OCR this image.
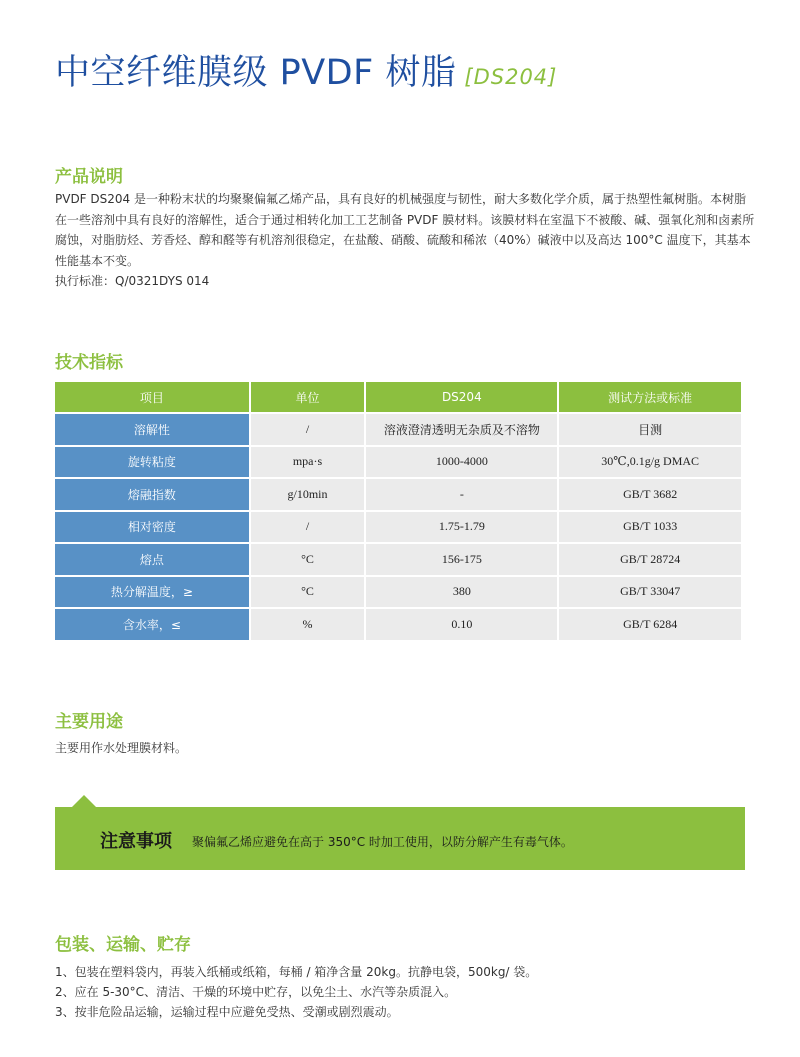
中空纤维膜级 PVDF 树脂 [DS204]
产品说明

PVDF DS204 是一种粉末状的均聚聚偏氟乙烯产品，具有良好的机械强度与韧性，耐大多数化学介质，属于热塑性氟树脂。本树脂在一些溶剂中具有良好的溶解性，适合于通过相转化加工工艺制备 PVDF 膜材料。该膜材料在室温下不被酸、碱、强氧化剂和卤素所腐蚀，对脂肪烃、芳香烃、醇和醛等有机溶剂很稳定，在盐酸、硝酸、硫酸和稀浓（40%）碱液中以及高达 100°C 温度下，其基本性能基本不变。

执行标准：Q/0321DYS 014
技术指标
项目	单位	DS204	测试方法或标准
溶解性	/	溶液澄清透明无杂质及不溶物	目测
旋转粘度	mpa·s	1000-4000	30℃,0.1g/g DMAC
熔融指数	g/10min	-	GB/T 3682
相对密度	/	1.75-1.79	GB/T 1033
熔点	°C	156-175	GB/T 28724
热分解温度，≥	°C	380	GB/T 33047
含水率，≤	%	0.10	GB/T 6284
主要用途
主要用作水处理膜材料。
注意事项 聚偏氟乙烯应避免在高于 350°C 时加工使用，以防分解产生有毒气体。
包装、运输、贮存
1、包装在塑料袋内，再装入纸桶或纸箱，每桶 / 箱净含量 20kg。抗静电袋，500kg/ 袋。
2、应在 5-30°C、清洁、干燥的环境中贮存，以免尘土、水汽等杂质混入。
3、按非危险品运输，运输过程中应避免受热、受潮或剧烈震动。
